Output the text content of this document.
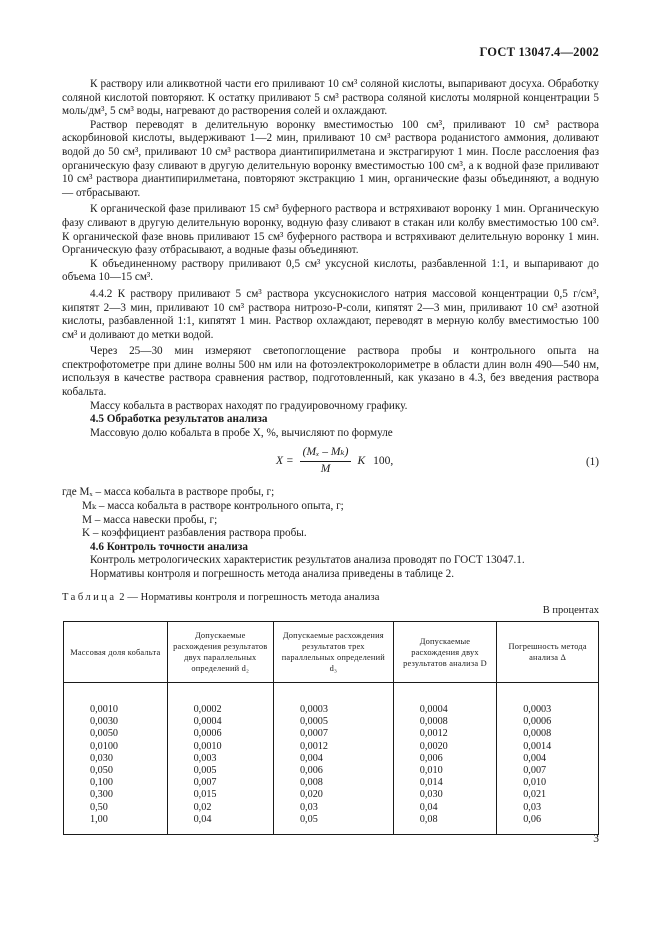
ГОСТ 13047.4—2002

К раствору или аликвотной части его приливают 10 см³ соляной кислоты, выпаривают досуха. Обработку соляной кислотой повторяют. К остатку приливают 5 см³ раствора соляной кислоты молярной концентрации 5 моль/дм³, 5 см³ воды, нагревают до растворения солей и охлаждают.

Раствор переводят в делительную воронку вместимостью 100 см³, приливают 10 см³ раствора аскорбиновой кислоты, выдерживают 1—2 мин, приливают 10 см³ раствора роданистого аммония, доливают водой до 50 см³, приливают 10 см³ раствора диантипирилметана и экстрагируют 1 мин. После расслоения фаз органическую фазу сливают в другую делительную воронку вместимостью 100 см³, а к водной фазе приливают 10 см³ раствора диантипирилметана, повторяют экстракцию 1 мин, органические фазы объединяют, а водную — отбрасывают.

К органической фазе приливают 15 см³ буферного раствора и встряхивают воронку 1 мин. Органическую фазу сливают в другую делительную воронку, водную фазу сливают в стакан или колбу вместимостью 100 см³. К органической фазе вновь приливают 15 см³ буферного раствора и встряхивают делительную воронку 1 мин. Органическую фазу отбрасывают, а водные фазы объединяют.

К объединенному раствору приливают 0,5 см³ уксусной кислоты, разбавленной 1:1, и выпаривают до объема 10—15 см³.

4.4.2 К раствору приливают 5 см³ раствора уксуснокислого натрия массовой концентрации 0,5 г/см³, кипятят 2—3 мин, приливают 10 см³ раствора нитрозо-Р-соли, кипятят 2—3 мин, приливают 10 см³ азотной кислоты, разбавленной 1:1, кипятят 1 мин. Раствор охлаждают, переводят в мерную колбу вместимостью 100 см³ и доливают до метки водой.

Через 25—30 мин измеряют светопоглощение раствора пробы и контрольного опыта на спектрофотометре при длине волны 500 нм или на фотоэлектроколориметре в области длин волн 490—540 нм, используя в качестве раствора сравнения раствор, подготовленный, как указано в 4.3, без введения раствора кобальта.

Массу кобальта в растворах находят по градуировочному графику.

4.5 Обработка результатов анализа

Массовую долю кобальта в пробе X, %, вычисляют по формуле

$X = \frac{\text{(Mₓ – Mₖ)}}{M}$ K 100,	(1)

где Mₓ – масса кобальта в растворе пробы, г;

Mₖ – масса кобальта в растворе контрольного опыта, г;

M – масса навески пробы, г;

K – коэффициент разбавления раствора пробы.

4.6 Контроль точности анализа

Контроль метрологических характеристик результатов анализа проводят по ГОСТ 13047.1.

Нормативы контроля и погрешность метода анализа приведены в таблице 2.

Таблица 2 — Нормативы контроля и погрешность метода анализа
В процентах
Массовая доля кобальта	Допускаемые расхождения результатов двух параллельных определений d₂	Допускаемые расхождения результатов трех параллельных определений d₃	Допускаемые расхождения двух результатов анализа D	Погрешность метода анализа Δ
0,0010	0,0002	0,0003	0,0004	0,0003
0,0030	0,0004	0,0005	0,0008	0,0006
0,0050	0,0006	0,0007	0,0012	0,0008
0,0100	0,0010	0,0012	0,0020	0,0014
0,030	0,003	0,004	0,006	0,004
0,050	0,005	0,006	0,010	0,007
0,100	0,007	0,008	0,014	0,010
0,300	0,015	0,020	0,030	0,021
0,50	0,02	0,03	0,04	0,03
1,00	0,04	0,05	0,08	0,06
3
